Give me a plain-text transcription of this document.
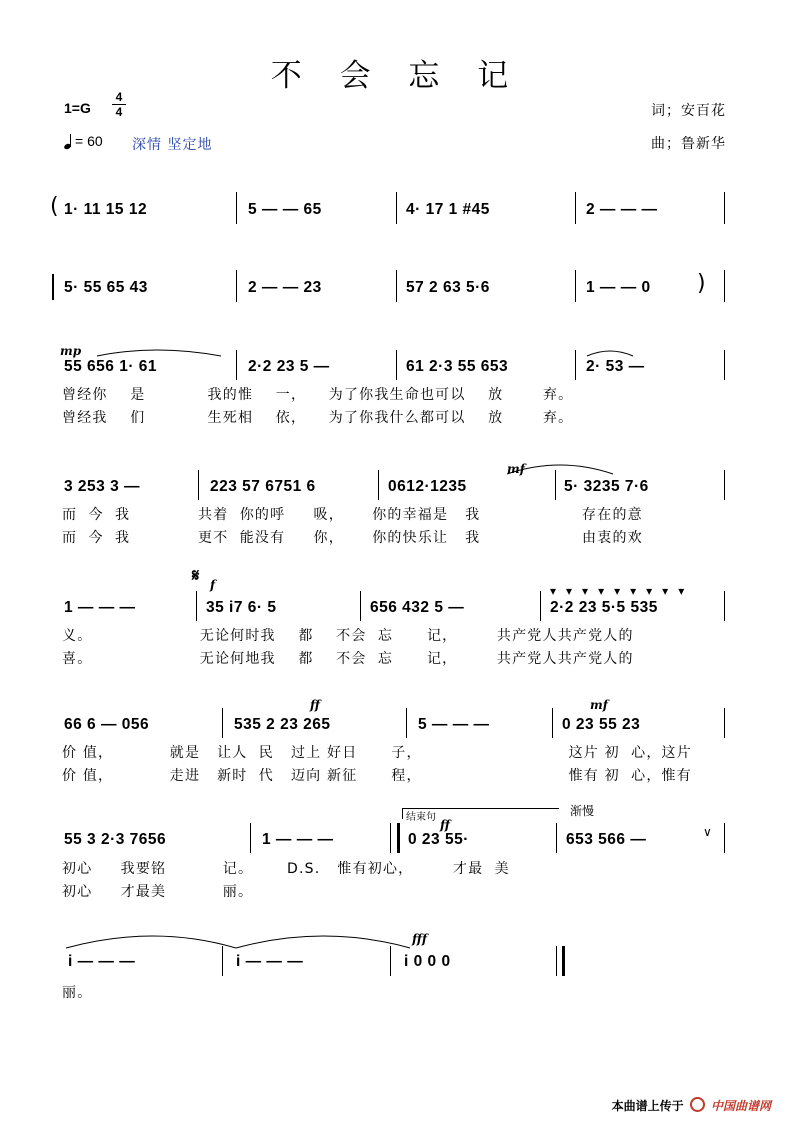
不 会 忘 记
1=G
4
4
= 60 深情 坚定地
词；安百花
曲；鲁新华
( 1· 11 15 12	5 — — 65	4· 17 1 #45	2 — — —
5· 55 65 43	2 — — 23	57 2 63 5·6	1 — — 0 )
mp
55 656 1· 61	2·2 23 5 —	61 2·3 55 653	2· 53 —
曾经你    是           我的惟    一，    为了你我生命也可以    放       弃。
曾经我    们           生死相    依，    为了你我什么都可以    放       弃。
mf
3 253 3 —	223 57 6751 6	0612·1235	5· 3235 7·6
而  今  我            共着  你的呼     吸，     你的幸福是   我                  存在的意
而  今  我            更不  能没有     你，     你的快乐让   我                  由衷的欢
𝄋 f	▾▾▾▾▾▾▾▾▾
1 — — —	35 i7 6· 5	656 432 5 —	2·2 23 5·5 535
义。                   无论何时我    都    不会  忘      记，       共产党人共产党人的
喜。                   无论何地我    都    不会  忘      记，       共产党人共产党人的
ff	mf
66 6 — 056	535 2 23 265	5 — — —	0 23 55 23
价 值，          就是   让人  民   过上 好日      子，                          这片 初  心，这片
价 值，          走进   新时  代   迈向 新征      程，                          惟有 初  心，惟有
结束句	渐慢
ff
55 3 2·3 7656	1 — — —	0 23 55·	653 566 —	∨
初心     我要铭          记。      D.S.   惟有初心，       才最  美
初心     才最美          丽。
fff
i — — —	i — — —	i 0 0 0
丽。
本曲谱上传于 中国曲谱网
